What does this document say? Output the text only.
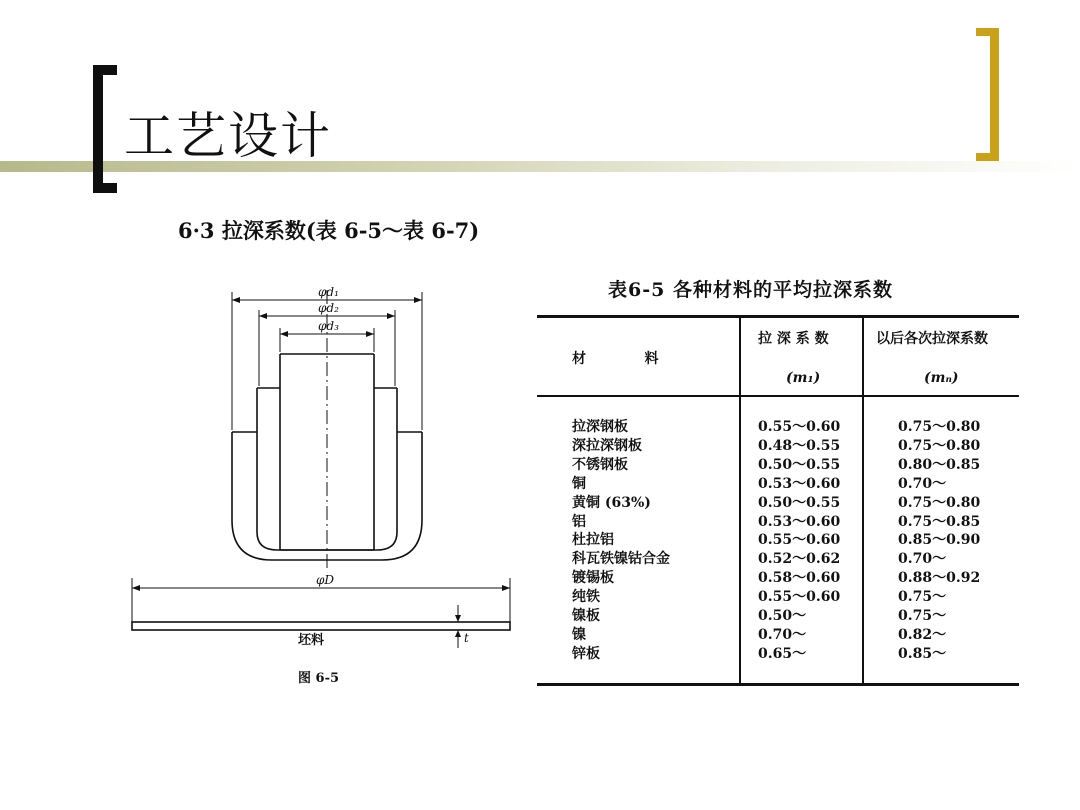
工艺设计
6·3 拉深系数(表 6-5～表 6-7)
φd₁
φd₂
φd₃
φD
t
坯料
图 6-5
表6-5 各种材料的平均拉深系数
材            料
拉 深 系 数
(m₁)
以后各次拉深系数
(mₙ)
拉深钢板
深拉深钢板
不锈钢板
铜
黄铜 (63%)
铝
杜拉铝
科瓦铁镍钴合金
镀锡板
纯铁
镍板
镍
锌板
0.55～0.60
0.48～0.55
0.50～0.55
0.53～0.60
0.50～0.55
0.53～0.60
0.55～0.60
0.52～0.62
0.58～0.60
0.55～0.60
0.50～
0.70～
0.65～
0.75～0.80
0.75～0.80
0.80～0.85
0.70～
0.75～0.80
0.75～0.85
0.85～0.90
0.70～
0.88～0.92
0.75～
0.75～
0.82～
0.85～
